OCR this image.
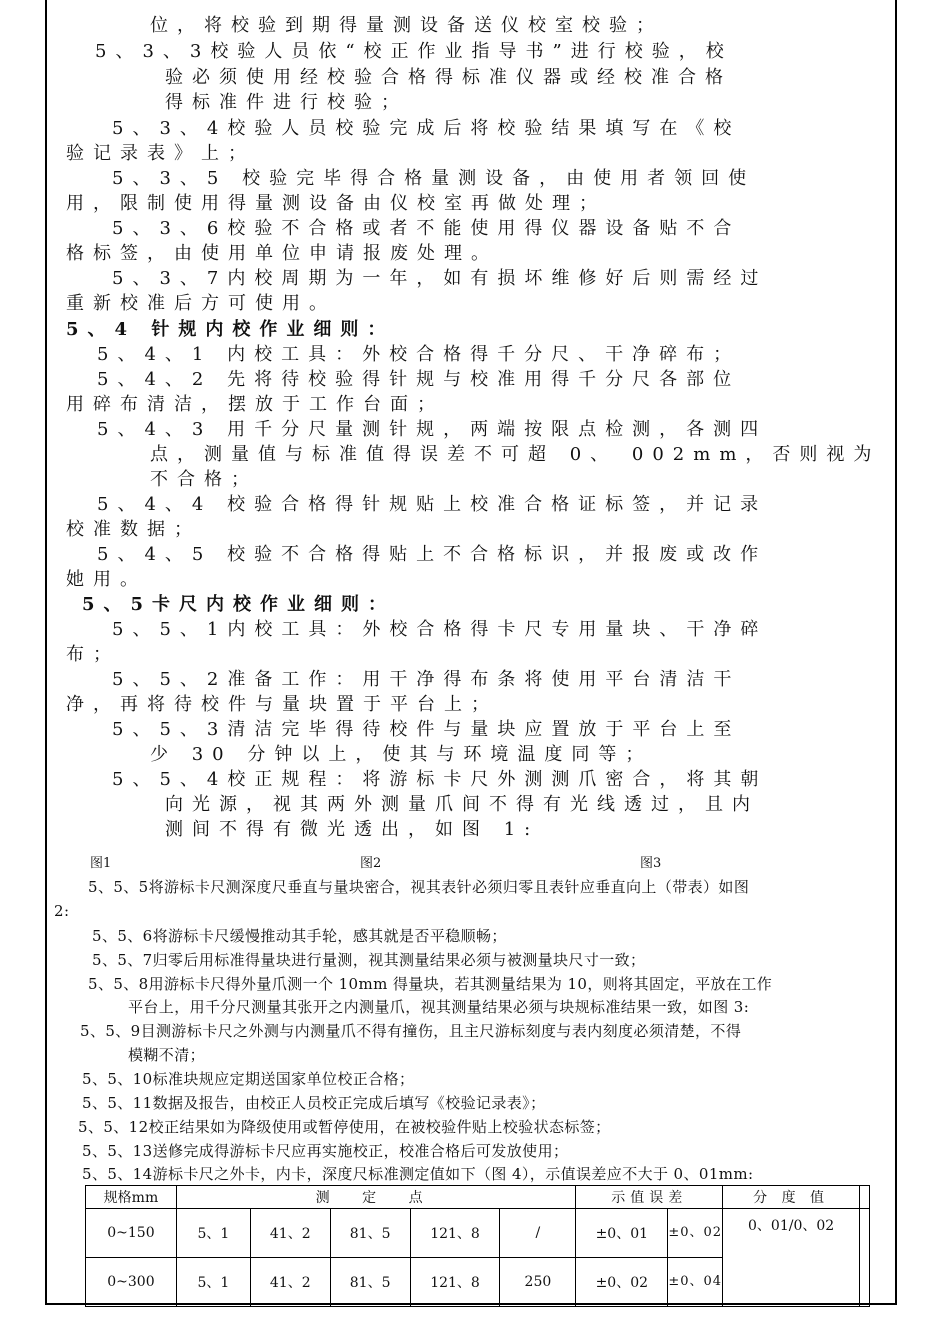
位，将校验到期得量测设备送仪校室校验；
5、3、3校验人员依“校正作业指导书”进行校验，校
验必须使用经校验合格得标准仪器或经校准合格
得标准件进行校验；
5、3、4校验人员校验完成后将校验结果填写在《校
验记录表》上；
5、3、5 校验完毕得合格量测设备，由使用者领回使
用，限制使用得量测设备由仪校室再做处理；
5、3、6校验不合格或者不能使用得仪器设备贴不合
格标签，由使用单位申请报废处理。
5、3、7内校周期为一年，如有损坏维修好后则需经过
重新校准后方可使用。
5、4 针规内校作业细则：
5、4、1 内校工具：外校合格得千分尺、干净碎布；
5、4、2 先将待校验得针规与校准用得千分尺各部位
用碎布清洁，摆放于工作台面；
5、4、3 用千分尺量测针规，两端按限点检测，各测四
点，测量值与标准值得误差不可超 0、 002mm，否则视为
不合格；
5、4、4 校验合格得针规贴上校准合格证标签，并记录
校准数据；
5、4、5 校验不合格得贴上不合格标识，并报废或改作
她用。
5、5卡尺内校作业细则：
5、5、1内校工具：外校合格得卡尺专用量块、干净碎
布；
5、5、2准备工作：用干净得布条将使用平台清洁干
净，再将待校件与量块置于平台上；
5、5、3清洁完毕得待校件与量块应置放于平台上至
少 30 分钟以上，使其与环境温度同等；
5、5、4校正规程：将游标卡尺外测测爪密合，将其朝
向光源，视其两外测量爪间不得有光线透过，且内
测间不得有微光透出，如图 1:
图1	图2	图3
5、5、5将游标卡尺测深度尺垂直与量块密合，视其表针必须归零且表针应垂直向上（带表）如图
2:
5、5、6将游标卡尺缓慢推动其手轮，感其就是否平稳顺畅；
5、5、7归零后用标准得量块进行量测，视其测量结果必须与被测量块尺寸一致；
5、5、8用游标卡尺得外量爪测一个 10mm 得量块，若其测量结果为 10，则将其固定，平放在工作
平台上，用千分尺测量其张开之内测量爪，视其测量结果必须与块规标准结果一致，如图 3:
5、5、9目测游标卡尺之外测与内测量爪不得有撞伤，且主尺游标刻度与表内刻度必须清楚，不得
模糊不清；
5、5、10标准块规应定期送国家单位校正合格；
5、5、11数据及报告，由校正人员校正完成后填写《校验记录表》；
5、5、12校正结果如为降级使用或暂停使用，在被校验件贴上校验状态标签；
5、5、13送修完成得游标卡尺应再实施校正，校准合格后可发放使用；
5、5、14游标卡尺之外卡，内卡，深度尺标准测定值如下（图 4），示值误差应不大于 0、01mm:
规格mm	测 定 点					示值误差		分 度 值	
0~150	5、1	41、2	81、5	121、8	/	±0、01	±0、02	0、01/0、02	
0~300	5、1	41、2	81、5	121、8	250	±0、02	±0、04		
